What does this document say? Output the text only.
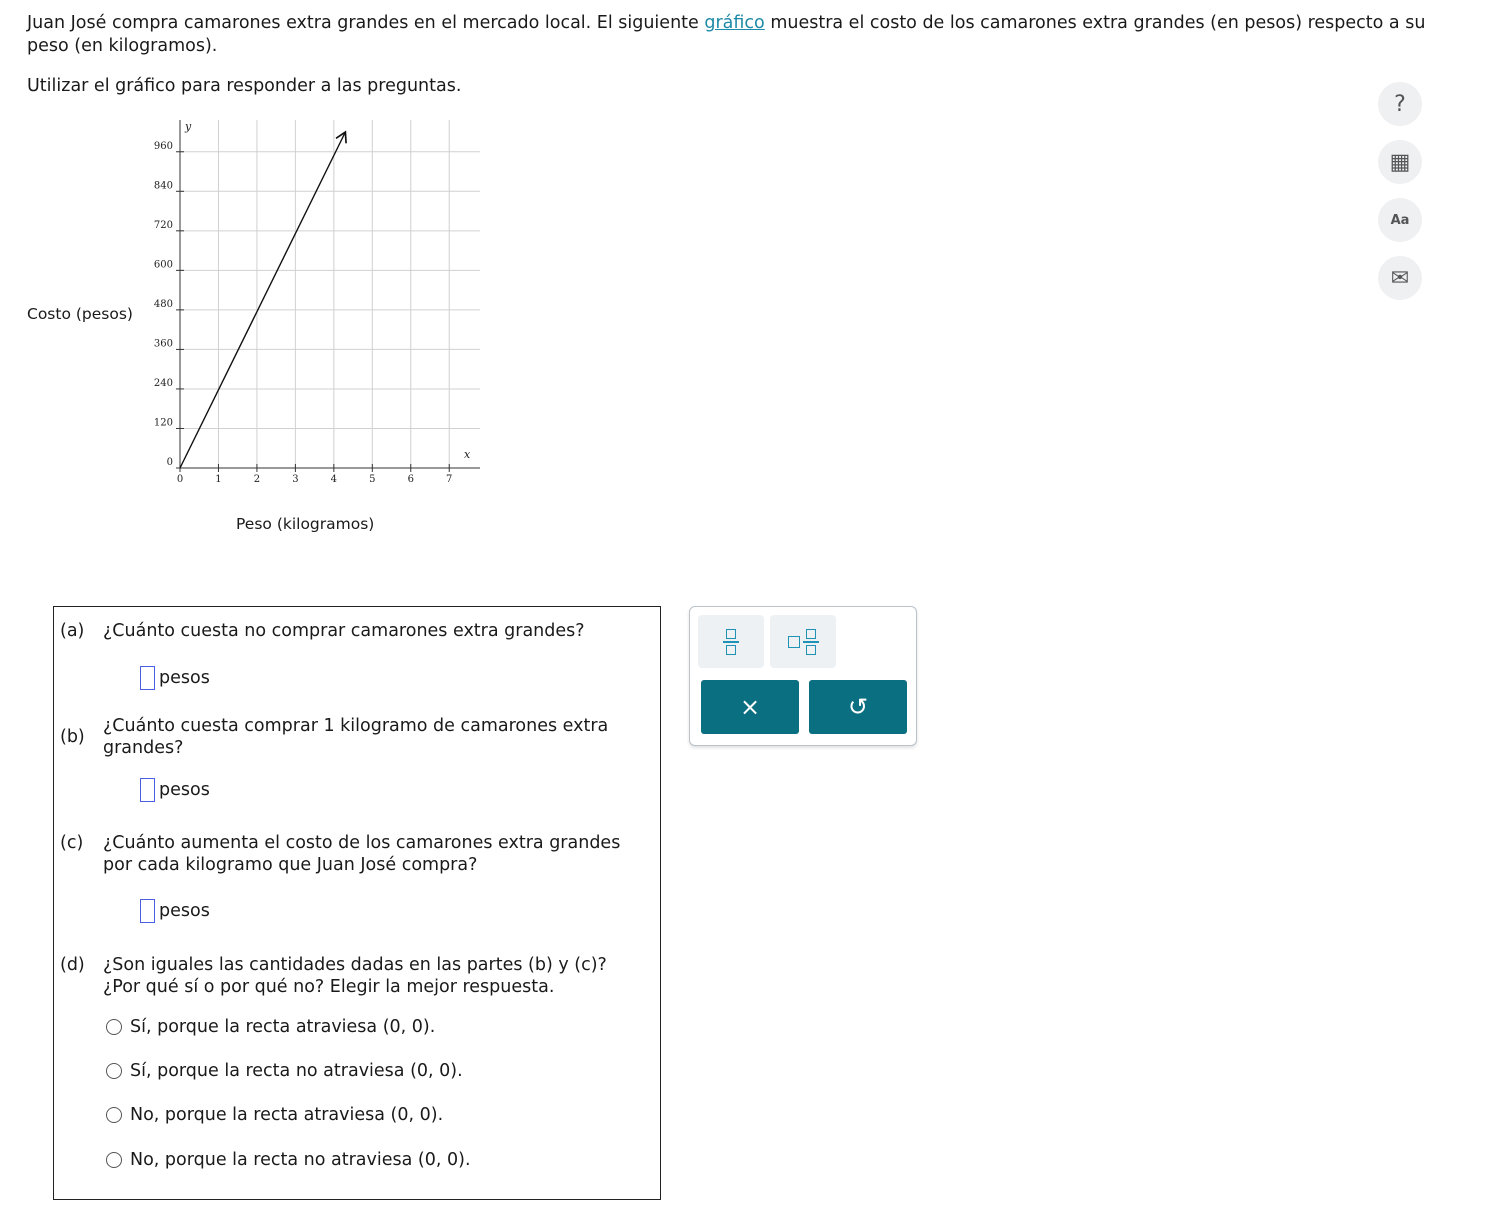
Juan José compra camarones extra grandes en el mercado local. El siguiente gráfico muestra el costo de los camarones extra grandes (en pesos) respecto a su peso (en kilogramos).

Utilizar el gráfico para responder a las preguntas.

Costo (pesos)
Peso (kilogramos)
0
120
240
360
480
600
720
840
960
0	1	2	3	4	5	6	7
y
x
?
▦
Aa
✉
(a) ¿Cuánto cuesta no comprar camarones extra grandes?
pesos
(b)
¿Cuánto cuesta comprar 1 kilogramo de camarones extra grandes?
pesos
(c) ¿Cuánto aumenta el costo de los camarones extra grandes por cada kilogramo que Juan José compra?
pesos
(d) ¿Son iguales las cantidades dadas en las partes (b) y (c)? ¿Por qué sí o por qué no? Elegir la mejor respuesta.
Sí, porque la recta atraviesa (0, 0).
Sí, porque la recta no atraviesa (0, 0).
No, porque la recta atraviesa (0, 0).
No, porque la recta no atraviesa (0, 0).
×	↺
